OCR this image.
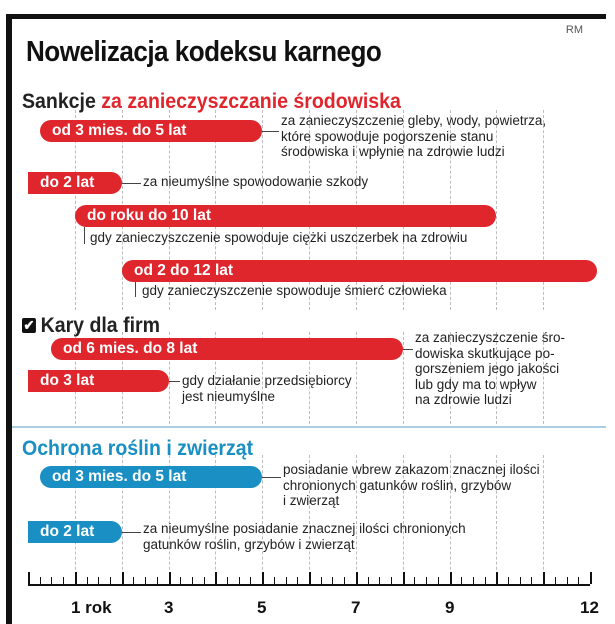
RM
Nowelizacja kodeksu karnego
Sankcje za zanieczyszczanie środowiska
✔ Kary dla firm
Ochrona roślin i zwierząt
od 3 mies. do 5 lat
za zanieczyszczenie gleby, wody, powietrza,
które spowoduje pogorszenie stanu
środowiska i wpłynie na zdrowie ludzi
do 2 lat	za nieumyślne spowodowanie szkody
do roku do 10 lat
gdy zanieczyszczenie spowoduje ciężki uszczerbek na zdrowiu
od 2 do 12 lat
gdy zanieczyszczenie spowoduje śmierć człowieka
od 6 mies. do 8 lat
za zanieczyszczenie śro-
dowiska skutkujące po-
gorszeniem jego jakości
lub gdy ma to wpływ
na zdrowie ludzi
do 3 lat	gdy działanie przedsiębiorcy
jest nieumyślne
od 3 mies. do 5 lat	posiadanie wbrew zakazom znacznej ilości
chronionych gatunków roślin, grzybów
i zwierząt
do 2 lat	za nieumyślne posiadanie znacznej ilości chronionych
gatunków roślin, grzybów i zwierząt
1 rok	3	5	7	9	12
